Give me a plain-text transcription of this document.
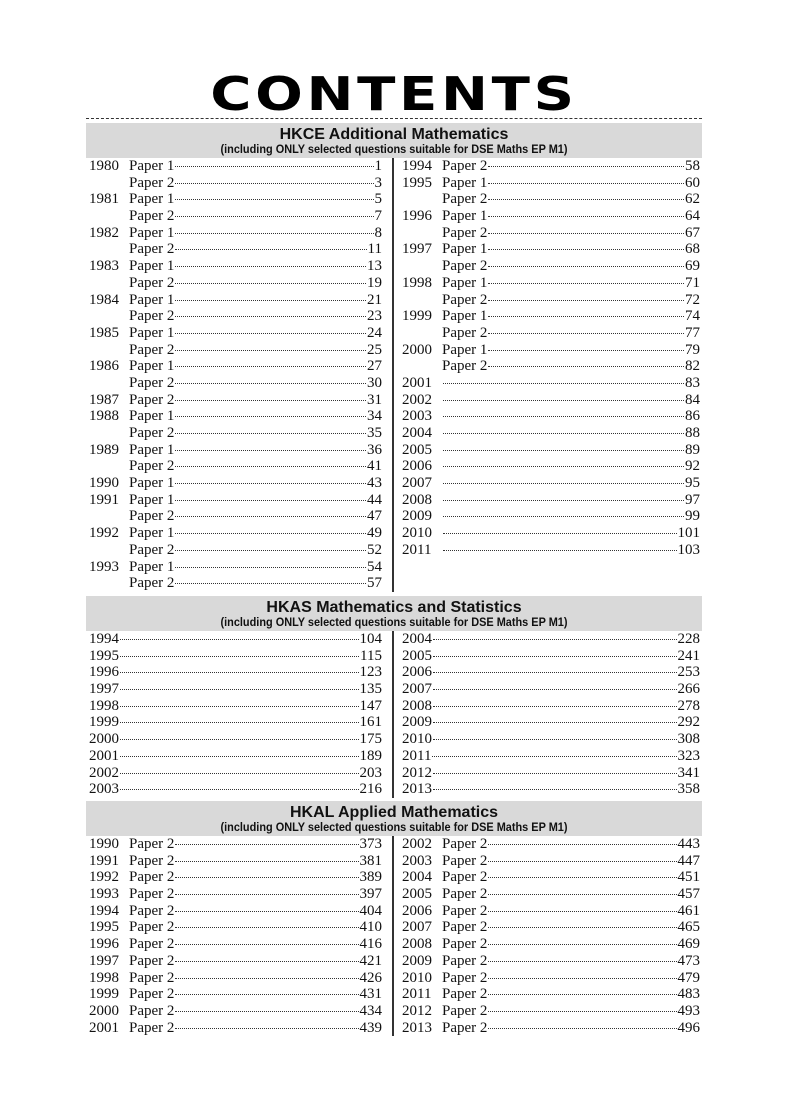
CONTENTS
HKCE Additional Mathematics
(including ONLY selected questions suitable for DSE Maths EP M1)
1980 Paper 1	1
Paper 2	3
1981 Paper 1	5
Paper 2	7
1982 Paper 1	8
Paper 2	11
1983 Paper 1	13
Paper 2	19
1984 Paper 1	21
Paper 2	23
1985 Paper 1	24
Paper 2	25
1986 Paper 1	27
Paper 2	30
1987 Paper 2	31
1988 Paper 1	34
Paper 2	35
1989 Paper 1	36
Paper 2	41
1990 Paper 1	43
1991 Paper 1	44
Paper 2	47
1992 Paper 1	49
Paper 2	52
1993 Paper 1	54
Paper 2	57
1994 Paper 2	58
1995 Paper 1	60
Paper 2	62
1996 Paper 1	64
Paper 2	67
1997 Paper 1	68
Paper 2	69
1998 Paper 1	71
Paper 2	72
1999 Paper 1	74
Paper 2	77
2000 Paper 1	79
Paper 2	82
2001	83
2002	84
2003	86
2004	88
2005	89
2006	92
2007	95
2008	97
2009	99
2010	101
2011	103
HKAS Mathematics and Statistics
(including ONLY selected questions suitable for DSE Maths EP M1)
1994	104
1995	115
1996	123
1997	135
1998	147
1999	161
2000	175
2001	189
2002	203
2003	216
2004	228
2005	241
2006	253
2007	266
2008	278
2009	292
2010	308
2011	323
2012	341
2013	358
HKAL Applied Mathematics
(including ONLY selected questions suitable for DSE Maths EP M1)
1990 Paper 2	373
1991 Paper 2	381
1992 Paper 2	389
1993 Paper 2	397
1994 Paper 2	404
1995 Paper 2	410
1996 Paper 2	416
1997 Paper 2	421
1998 Paper 2	426
1999 Paper 2	431
2000 Paper 2	434
2001 Paper 2	439
2002 Paper 2	443
2003 Paper 2	447
2004 Paper 2	451
2005 Paper 2	457
2006 Paper 2	461
2007 Paper 2	465
2008 Paper 2	469
2009 Paper 2	473
2010 Paper 2	479
2011 Paper 2	483
2012 Paper 2	493
2013 Paper 2	496
